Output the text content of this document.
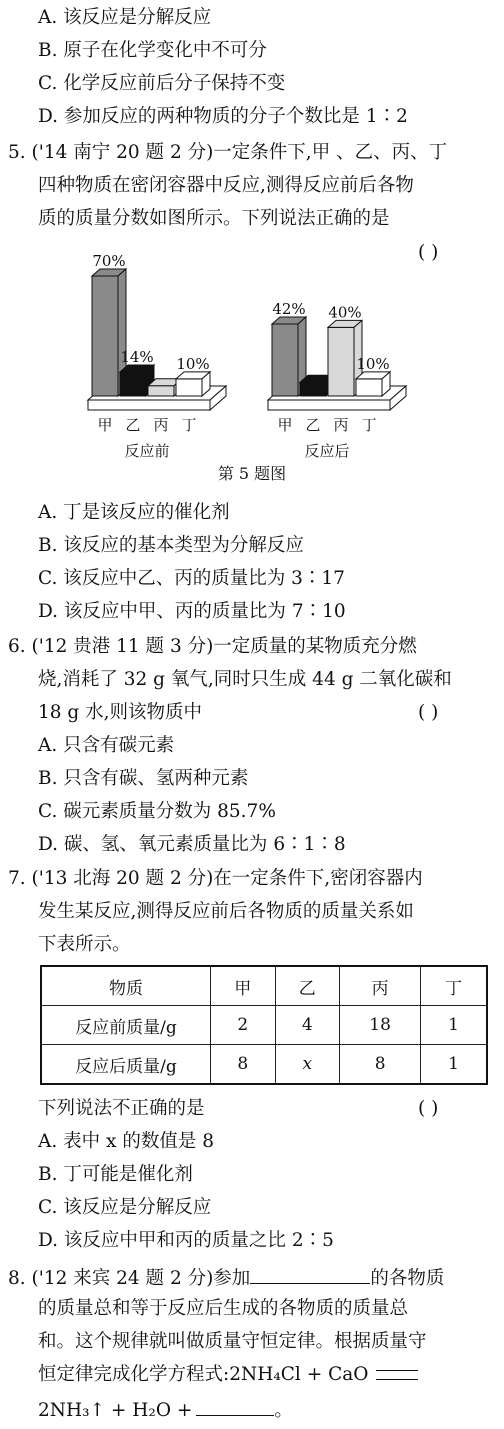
A. 该反应是分解反应
B. 原子在化学变化中不可分
C. 化学反应前后分子保持不变
D. 参加反应的两种物质的分子个数比是 1∶2
5. ('14 南宁 20 题 2 分)一定条件下,甲 、乙、丙、丁
四种物质在密闭容器中反应,测得反应前后各物
质的质量分数如图所示。下列说法正确的是
( )
70%
甲
14%
乙 丙
10%
丁
反应前
42%
甲 乙
40%
丙
10%
丁
反应后
第 5 题图
A. 丁是该反应的催化剂
B. 该反应的基本类型为分解反应
C. 该反应中乙、丙的质量比为 3∶17
D. 该反应中甲、丙的质量比为 7∶10
6. ('12 贵港 11 题 3 分)一定质量的某物质充分燃
烧,消耗了 32 g 氧气,同时只生成 44 g 二氧化碳和
18 g 水,则该物质中	( )
A. 只含有碳元素
B. 只含有碳、氢两种元素
C. 碳元素质量分数为 85.7%
D. 碳、氢、氧元素质量比为 6∶1∶8
7. ('13 北海 20 题 2 分)在一定条件下,密闭容器内
发生某反应,测得反应前后各物质的质量关系如
下表所示。
物质	甲	乙	丙	丁
反应前质量/g	2	4	18	1
反应后质量/g	8	x	8	1
下列说法不正确的是	( )
A. 表中 x 的数值是 8
B. 丁可能是催化剂
C. 该反应是分解反应
D. 该反应中甲和丙的质量之比 2∶5
8. ('12 来宾 24 题 2 分)参加	的各物质
的质量总和等于反应后生成的各物质的质量总
和。这个规律就叫做质量守恒定律。根据质量守
恒定律完成化学方程式:2NH₄Cl + CaO
2NH₃↑ + H₂O +	。
